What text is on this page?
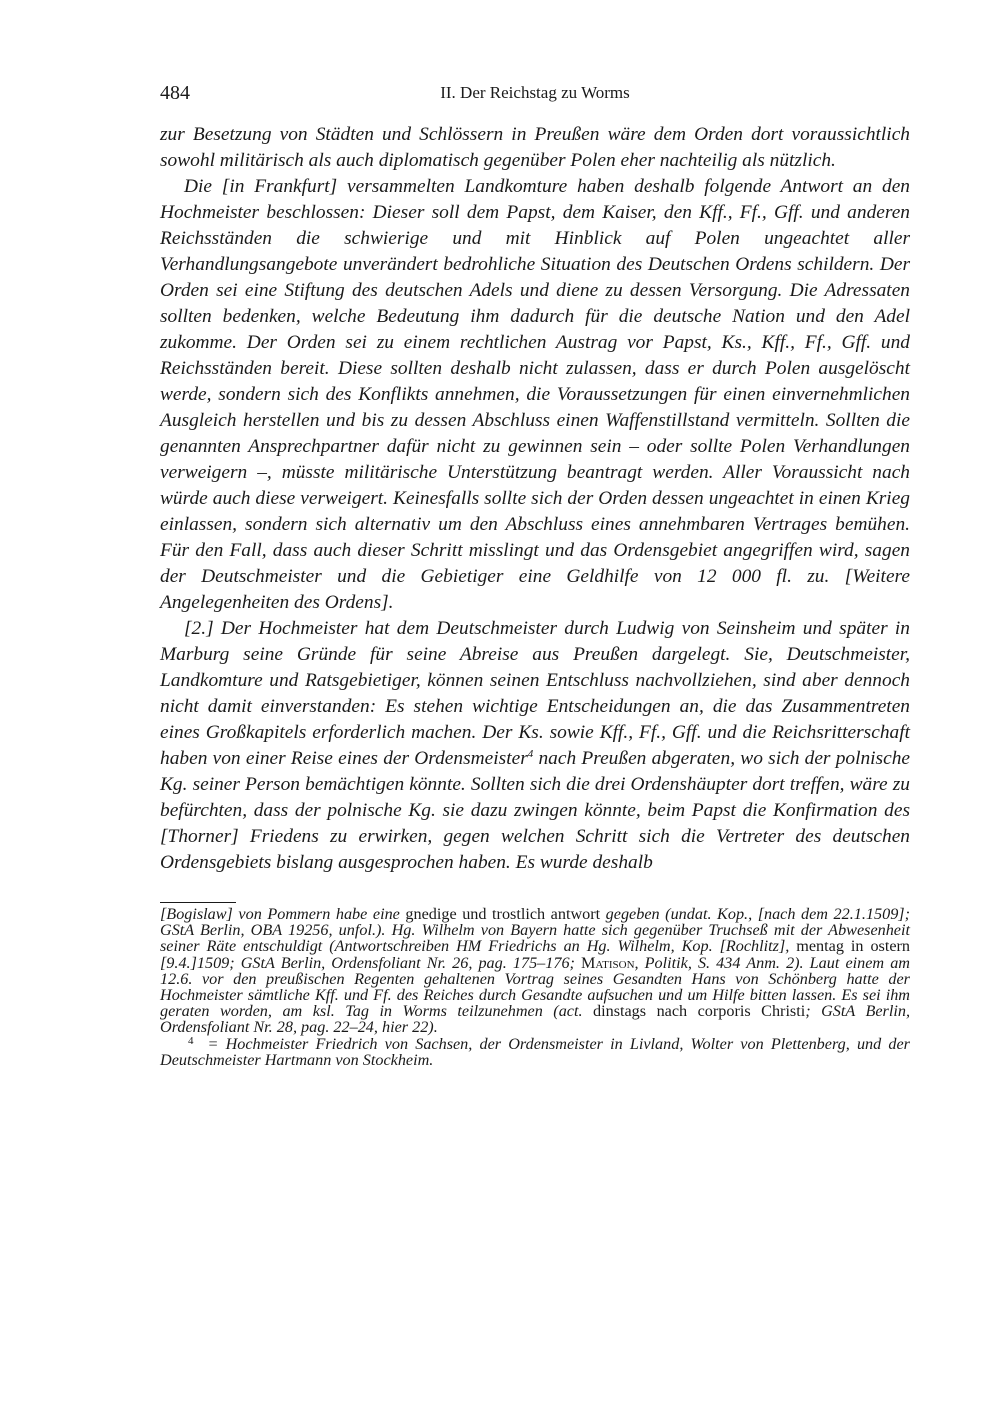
484	II. Der Reichstag zu Worms

zur Besetzung von Städten und Schlössern in Preußen wäre dem Orden dort voraussichtlich sowohl militärisch als auch diplomatisch gegenüber Polen eher nachteilig als nützlich.

Die [in Frankfurt] versammelten Landkomture haben deshalb folgende Antwort an den Hochmeister beschlossen: Dieser soll dem Papst, dem Kaiser, den Kff., Ff., Gff. und anderen Reichsständen die schwierige und mit Hinblick auf Polen ungeachtet aller Verhandlungsangebote unverändert bedrohliche Situation des Deutschen Ordens schildern. Der Orden sei eine Stiftung des deutschen Adels und diene zu dessen Versorgung. Die Adressaten sollten bedenken, welche Bedeutung ihm dadurch für die deutsche Nation und den Adel zukomme. Der Orden sei zu einem rechtlichen Austrag vor Papst, Ks., Kff., Ff., Gff. und Reichsständen bereit. Diese sollten deshalb nicht zulassen, dass er durch Polen ausgelöscht werde, sondern sich des Konflikts annehmen, die Voraussetzungen für einen einvernehmlichen Ausgleich herstellen und bis zu dessen Abschluss einen Waffenstillstand vermitteln. Sollten die genannten Ansprechpartner dafür nicht zu gewinnen sein – oder sollte Polen Verhandlungen verweigern –, müsste militärische Unterstützung beantragt werden. Aller Voraussicht nach würde auch diese verweigert. Keinesfalls sollte sich der Orden dessen ungeachtet in einen Krieg einlassen, sondern sich alternativ um den Abschluss eines annehmbaren Vertrages bemühen. Für den Fall, dass auch dieser Schritt misslingt und das Ordensgebiet angegriffen wird, sagen der Deutschmeister und die Gebietiger eine Geldhilfe von 12 000 fl. zu. [Weitere Angelegenheiten des Ordens].

[2.] Der Hochmeister hat dem Deutschmeister durch Ludwig von Seinsheim und später in Marburg seine Gründe für seine Abreise aus Preußen dargelegt. Sie, Deutschmeister, Landkomture und Ratsgebietiger, können seinen Entschluss nachvollziehen, sind aber dennoch nicht damit einverstanden: Es stehen wichtige Entscheidungen an, die das Zusammentreten eines Großkapitels erforderlich machen. Der Ks. sowie Kff., Ff., Gff. und die Reichsritterschaft haben von einer Reise eines der Ordensmeister$^4$ nach Preußen abgeraten, wo sich der polnische Kg. seiner Person bemächtigen könnte. Sollten sich die drei Ordenshäupter dort treffen, wäre zu befürchten, dass der polnische Kg. sie dazu zwingen könnte, beim Papst die Konfirmation des [Thorner] Friedens zu erwirken, gegen welchen Schritt sich die Vertreter des deutschen Ordensgebiets bislang ausgesprochen haben. Es wurde deshalb

[Bogislaw] von Pommern habe eine gnedige und trostlich antwort gegeben (undat. Kop., [nach dem 22.1.1509]; GStA Berlin, OBA 19256, unfol.). Hg. Wilhelm von Bayern hatte sich gegenüber Truchseß mit der Abwesenheit seiner Räte entschuldigt (Antwortschreiben HM Friedrichs an Hg. Wilhelm, Kop. [Rochlitz], mentag in ostern [9.4.]1509; GStA Berlin, Ordensfoliant Nr. 26, pag. 175–176; Matison, Politik, S. 434 Anm. 2). Laut einem am 12.6. vor den preußischen Regenten gehaltenen Vortrag seines Gesandten Hans von Schönberg hatte der Hochmeister sämtliche Kff. und Ff. des Reiches durch Gesandte aufsuchen und um Hilfe bitten lassen. Es sei ihm geraten worden, am ksl. Tag in Worms teilzunehmen (act. dinstags nach corporis Christi; GStA Berlin, Ordensfoliant Nr. 28, pag. 22–24, hier 22).

4 = Hochmeister Friedrich von Sachsen, der Ordensmeister in Livland, Wolter von Plettenberg, und der Deutschmeister Hartmann von Stockheim.
